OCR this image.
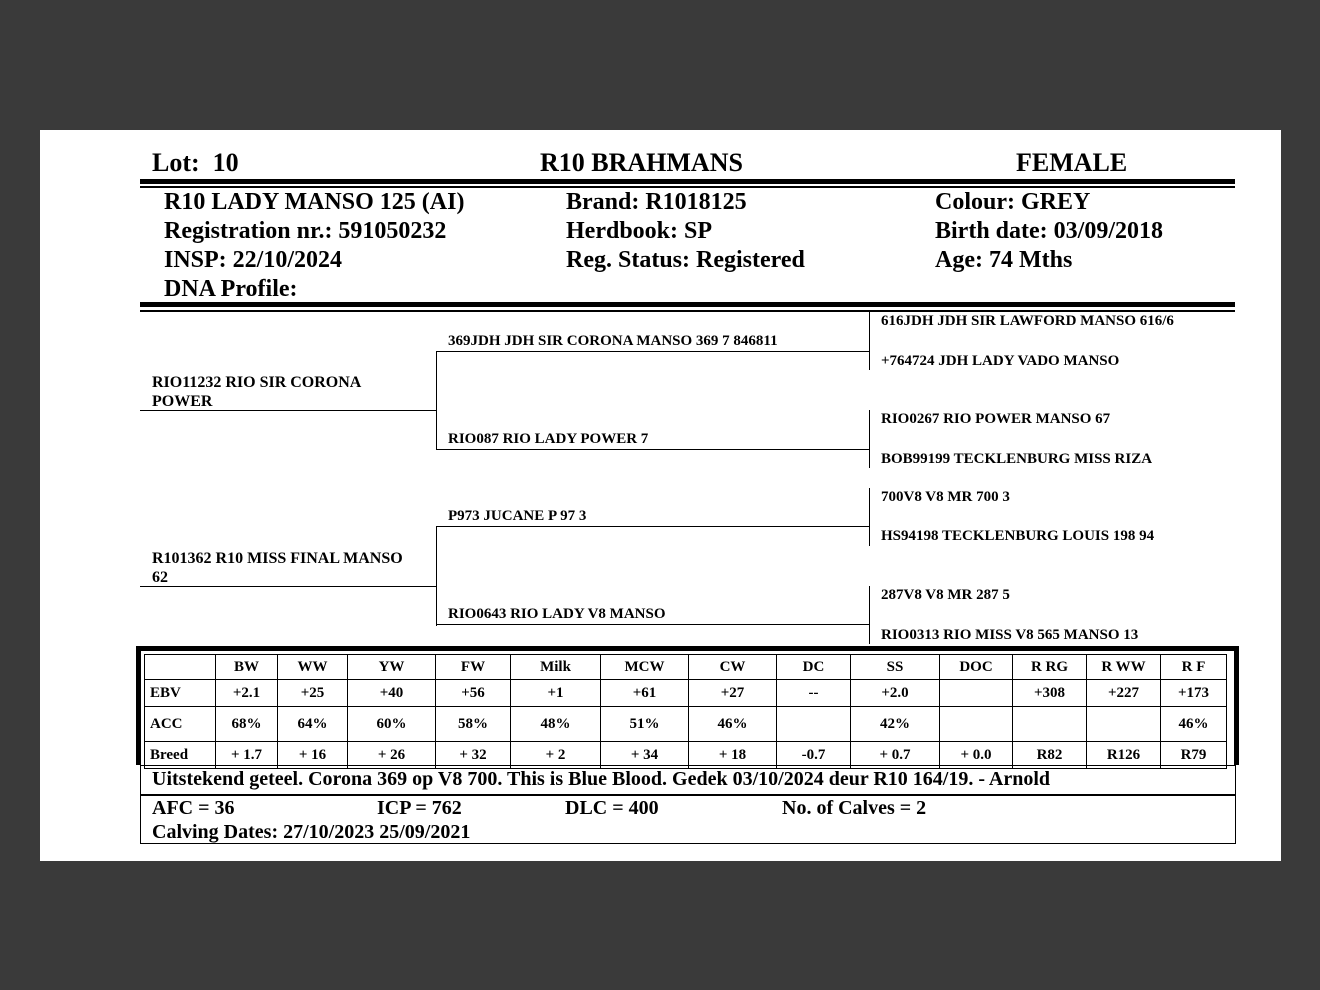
Lot: 10	R10 BRAHMANS	FEMALE
R10 LADY MANSO 125 (AI)
Registration nr.: 591050232
INSP: 22/10/2024
DNA Profile:
Brand: R1018125
Herdbook: SP
Reg. Status: Registered
Colour: GREY
Birth date: 03/09/2018
Age: 74 Mths
RIO11232 RIO SIR CORONA
POWER
R101362 R10 MISS FINAL MANSO
62
369JDH JDH SIR CORONA MANSO 369 7 846811
RIO087 RIO LADY POWER 7
P973 JUCANE P 97 3
RIO0643 RIO LADY V8 MANSO
616JDH JDH SIR LAWFORD MANSO 616/6
+764724 JDH LADY VADO MANSO
RIO0267 RIO POWER MANSO 67
BOB99199 TECKLENBURG MISS RIZA
700V8 V8 MR 700 3
HS94198 TECKLENBURG LOUIS 198 94
287V8 V8 MR 287 5
RIO0313 RIO MISS V8 565 MANSO 13
	BW	WW	YW	FW	Milk	MCW	CW	DC	SS	DOC	R RG	R WW	R F
EBV	+2.1	+25	+40	+56	+1	+61	+27	--	+2.0		+308	+227	+173
ACC	68%	64%	60%	58%	48%	51%	46%		42%				46%
Breed	+ 1.7	+ 16	+ 26	+ 32	+ 2	+ 34	+ 18	-0.7	+ 0.7	+ 0.0	R82	R126	R79
Uitstekend geteel. Corona 369 op V8 700. This is Blue Blood. Gedek 03/10/2024 deur R10 164/19. - Arnold
AFC = 36	ICP = 762	DLC = 400	No. of Calves = 2
Calving Dates: 27/10/2023 25/09/2021
